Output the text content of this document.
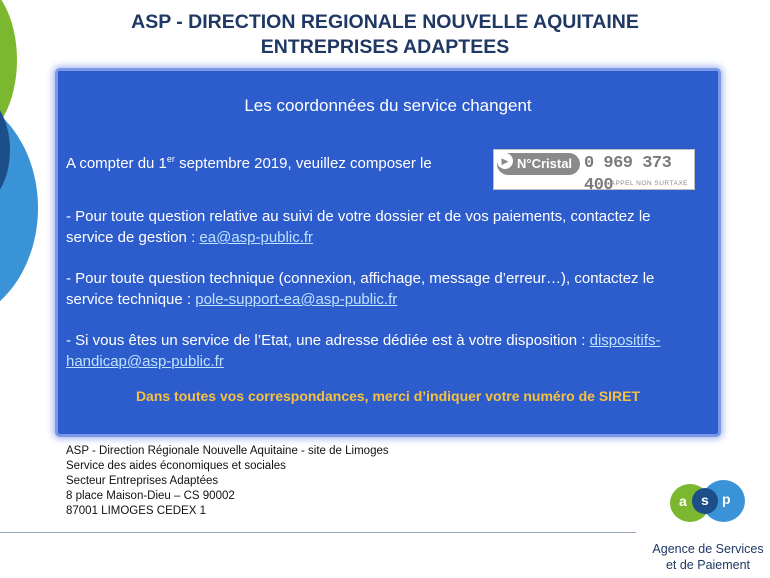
ASP - DIRECTION REGIONALE NOUVELLE AQUITAINE
ENTREPRISES ADAPTEES

Les coordonnées du service changent

A compter du 1er septembre 2019, veuillez composer le	N°Cristal
▶	0 969 373 400
APPEL NON SURTAXE

- Pour toute question relative au suivi de votre dossier et de vos paiements, contactez le service de gestion : ea@asp-public.fr

- Pour toute question technique (connexion, affichage, message d’erreur…), contactez le service technique : pole-support-ea@asp-public.fr

- Si vous êtes un service de l’Etat, une adresse dédiée est à votre disposition : dispositifs-handicap@asp-public.fr

Dans toutes vos correspondances, merci d’indiquer votre numéro de SIRET

ASP - Direction Régionale Nouvelle Aquitaine - site de Limoges

Service des aides économiques et sociales

Secteur Entreprises Adaptées

8 place Maison-Dieu – CS 90002

87001 LIMOGES CEDEX 1

a s p

Agence de Services

et de Paiement
